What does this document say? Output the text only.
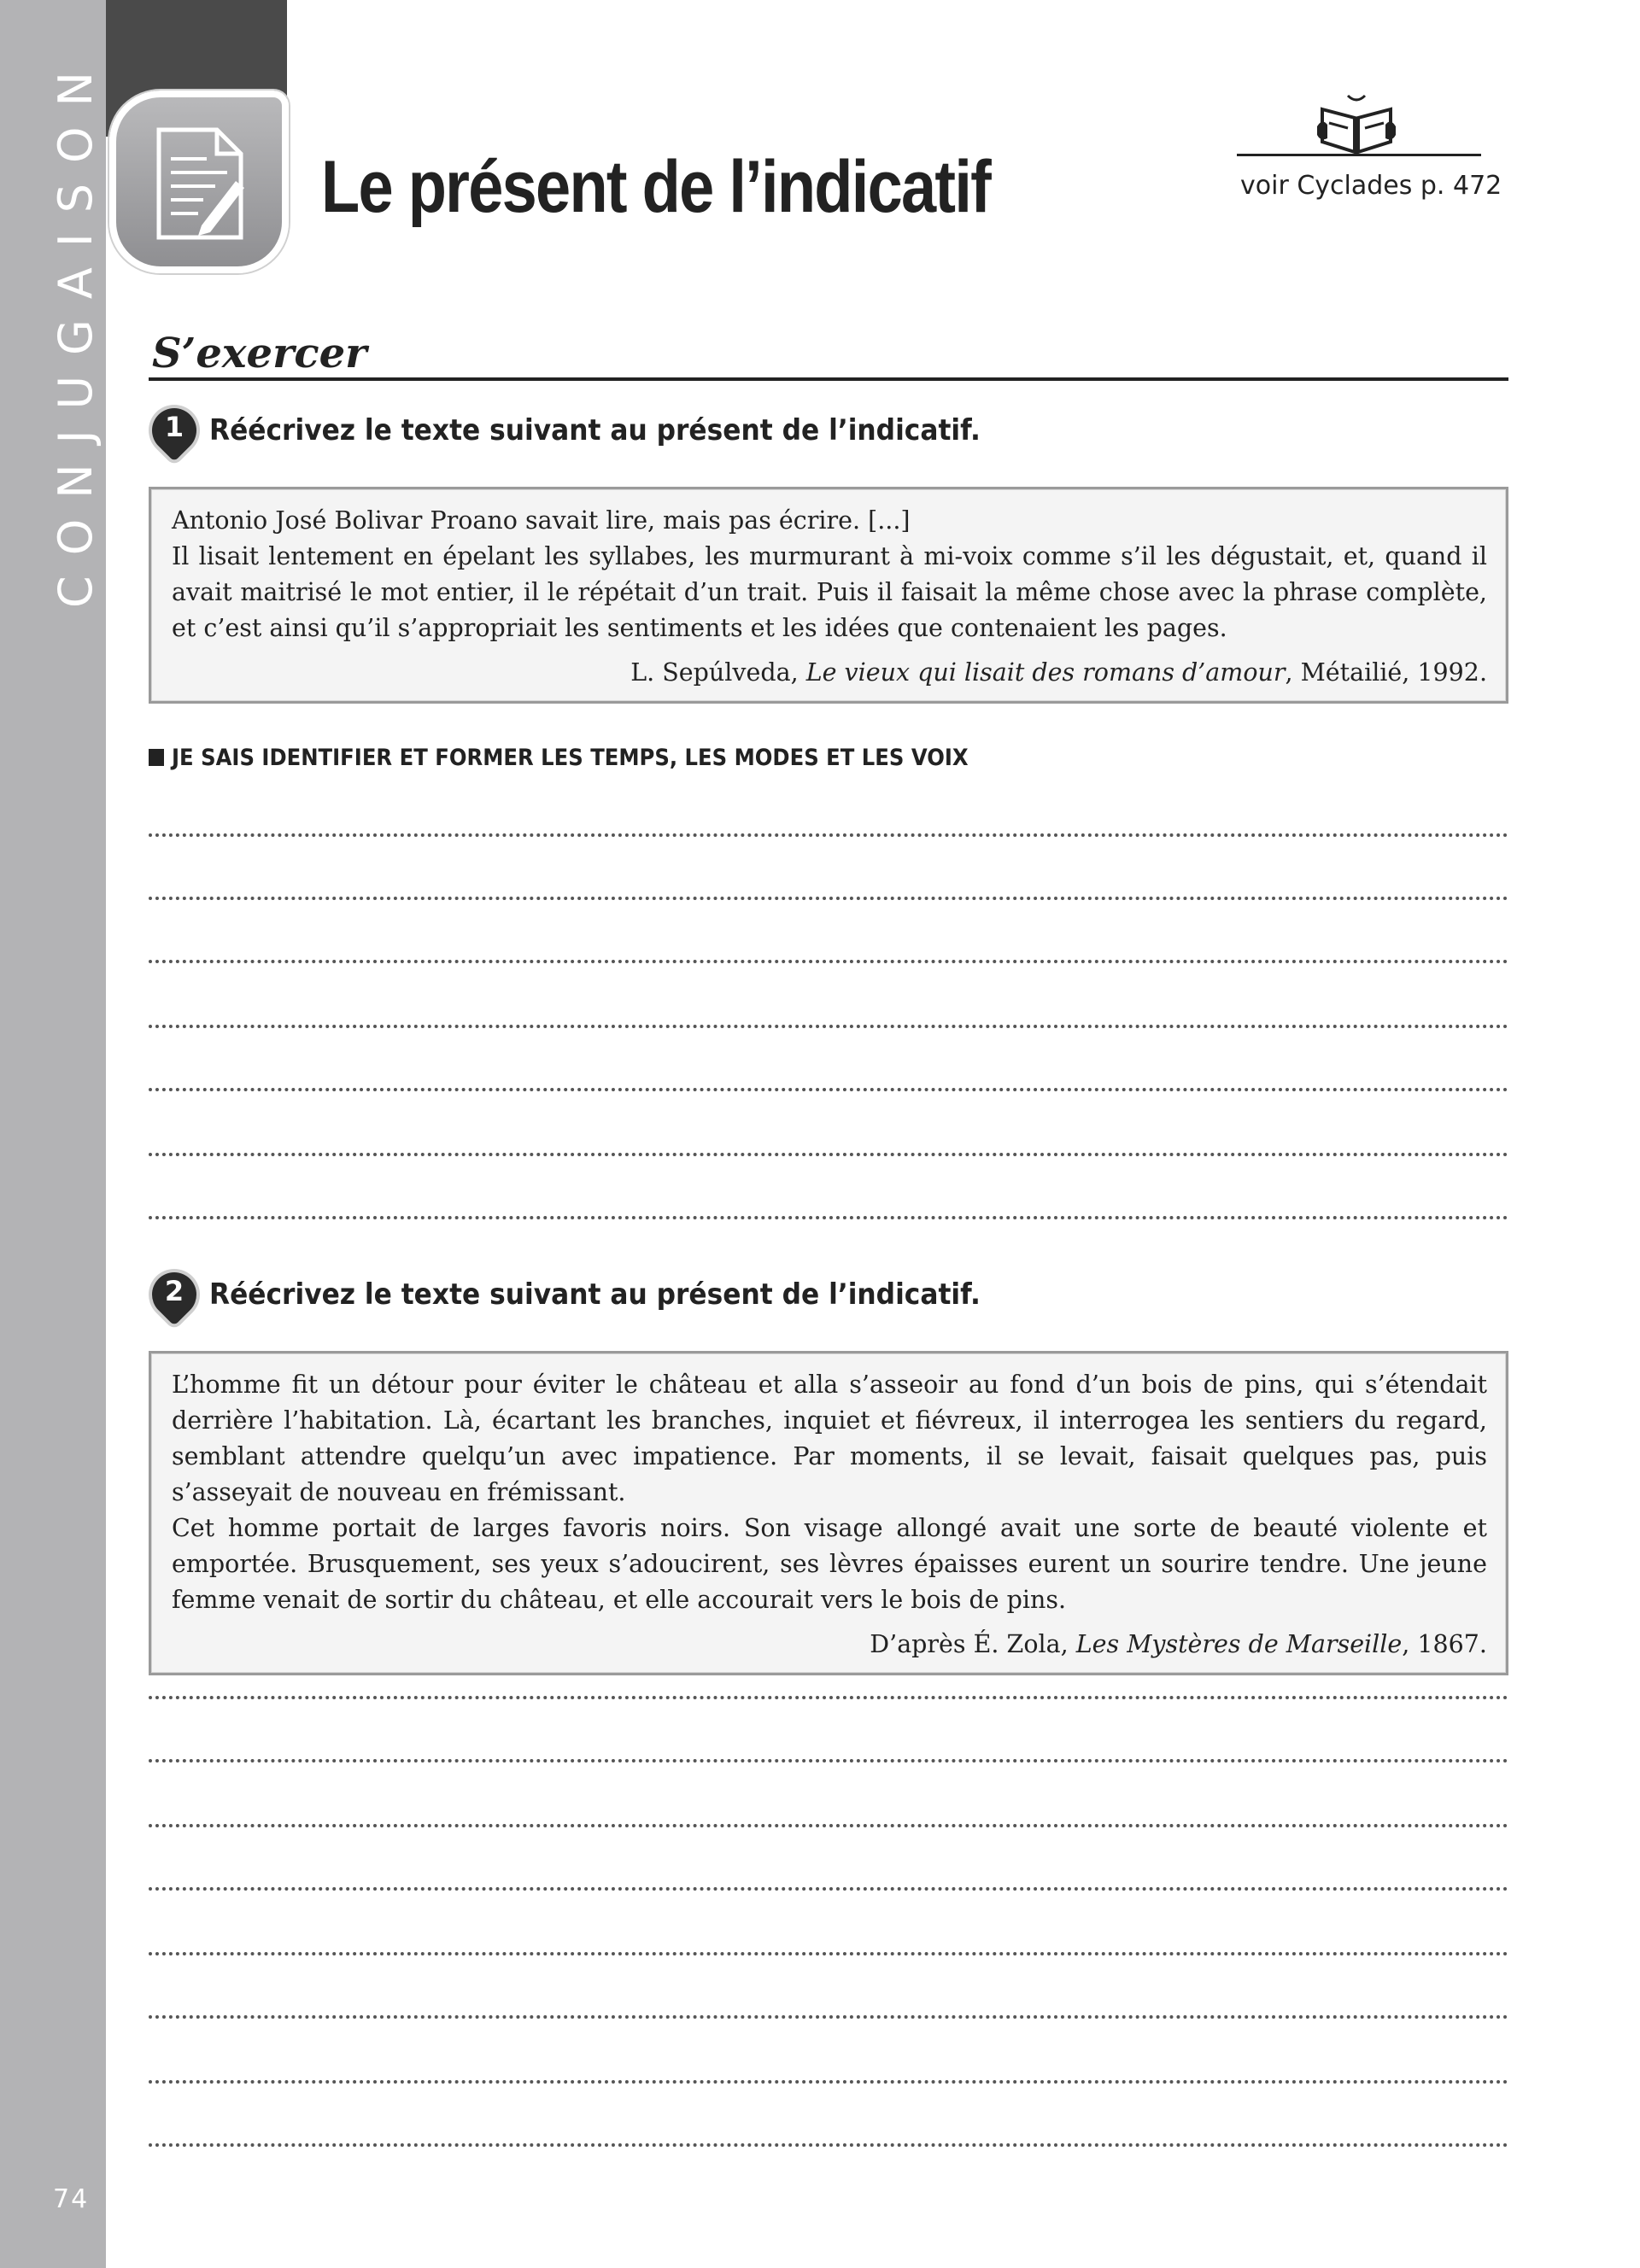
CONJUGAISON
74
Le présent de l’indicatif	voir Cyclades p. 472
S’exercer
1 Réécrivez le texte suivant au présent de l’indicatif.

Antonio José Bolivar Proano savait lire, mais pas écrire. [...]

Il lisait lentement en épelant les syllabes, les murmurant à mi-voix comme s’il les dégustait, et, quand il avait maitrisé le mot entier, il le répétait d’un trait. Puis il faisait la même chose avec la phrase complète, et c’est ainsi qu’il s’appropriait les sentiments et les idées que contenaient les pages.

L. Sepúlveda, Le vieux qui lisait des romans d’amour, Métailié, 1992.

JE SAIS IDENTIFIER ET FORMER LES TEMPS, LES MODES ET LES VOIX
2 Réécrivez le texte suivant au présent de l’indicatif.

L’homme fit un détour pour éviter le château et alla s’asseoir au fond d’un bois de pins, qui s’étendait derrière l’habitation. Là, écartant les branches, inquiet et fiévreux, il interrogea les sentiers du regard, semblant attendre quelqu’un avec impatience. Par moments, il se levait, faisait quelques pas, puis s’asseyait de nouveau en frémissant.

Cet homme portait de larges favoris noirs. Son visage allongé avait une sorte de beauté violente et emportée. Brusquement, ses yeux s’adoucirent, ses lèvres épaisses eurent un sourire tendre. Une jeune femme venait de sortir du château, et elle accourait vers le bois de pins.

D’après É. Zola, Les Mystères de Marseille, 1867.
